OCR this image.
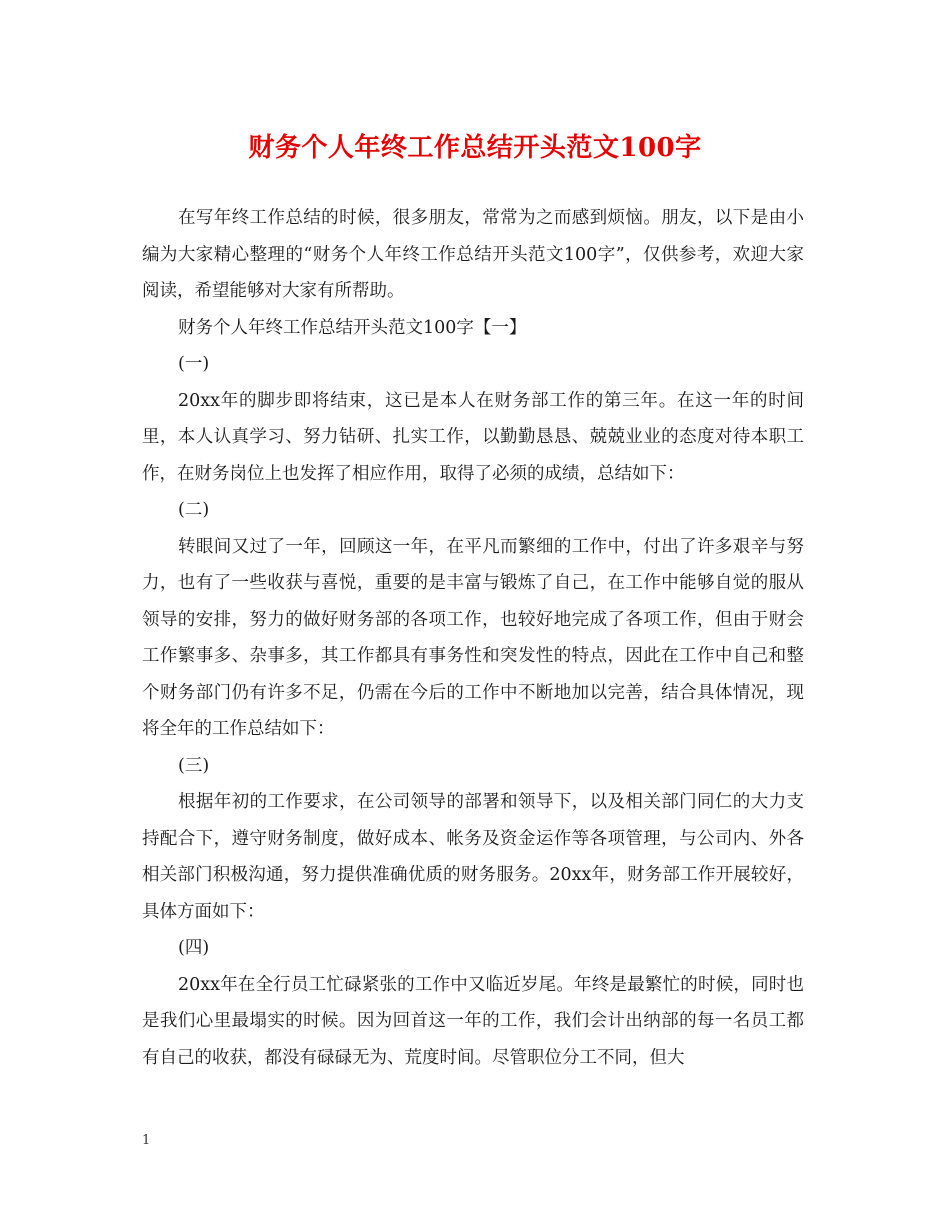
财务个人年终工作总结开头范文100字

在写年终工作总结的时候，很多朋友，常常为之而感到烦恼。朋友，以下是由小编为大家精心整理的“财务个人年终工作总结开头范文100字”，仅供参考，欢迎大家阅读，希望能够对大家有所帮助。

财务个人年终工作总结开头范文100字【一】

(一)

20xx年的脚步即将结束，这已是本人在财务部工作的第三年。在这一年的时间里，本人认真学习、努力钻研、扎实工作，以勤勤恳恳、兢兢业业的态度对待本职工作，在财务岗位上也发挥了相应作用，取得了必须的成绩，总结如下：

(二)

转眼间又过了一年，回顾这一年，在平凡而繁细的工作中，付出了许多艰辛与努力，也有了一些收获与喜悦，重要的是丰富与锻炼了自己，在工作中能够自觉的服从领导的安排，努力的做好财务部的各项工作，也较好地完成了各项工作，但由于财会工作繁事多、杂事多，其工作都具有事务性和突发性的特点，因此在工作中自己和整个财务部门仍有许多不足，仍需在今后的工作中不断地加以完善，结合具体情况，现将全年的工作总结如下：

(三)

根据年初的工作要求，在公司领导的部署和领导下，以及相关部门同仁的大力支持配合下，遵守财务制度，做好成本、帐务及资金运作等各项管理，与公司内、外各相关部门积极沟通，努力提供准确优质的财务服务。20xx年，财务部工作开展较好，具体方面如下：

(四)

20xx年在全行员工忙碌紧张的工作中又临近岁尾。年终是最繁忙的时候，同时也是我们心里最塌实的时候。因为回首这一年的工作，我们会计出纳部的每一名员工都有自己的收获，都没有碌碌无为、荒度时间。尽管职位分工不同，但大

1
